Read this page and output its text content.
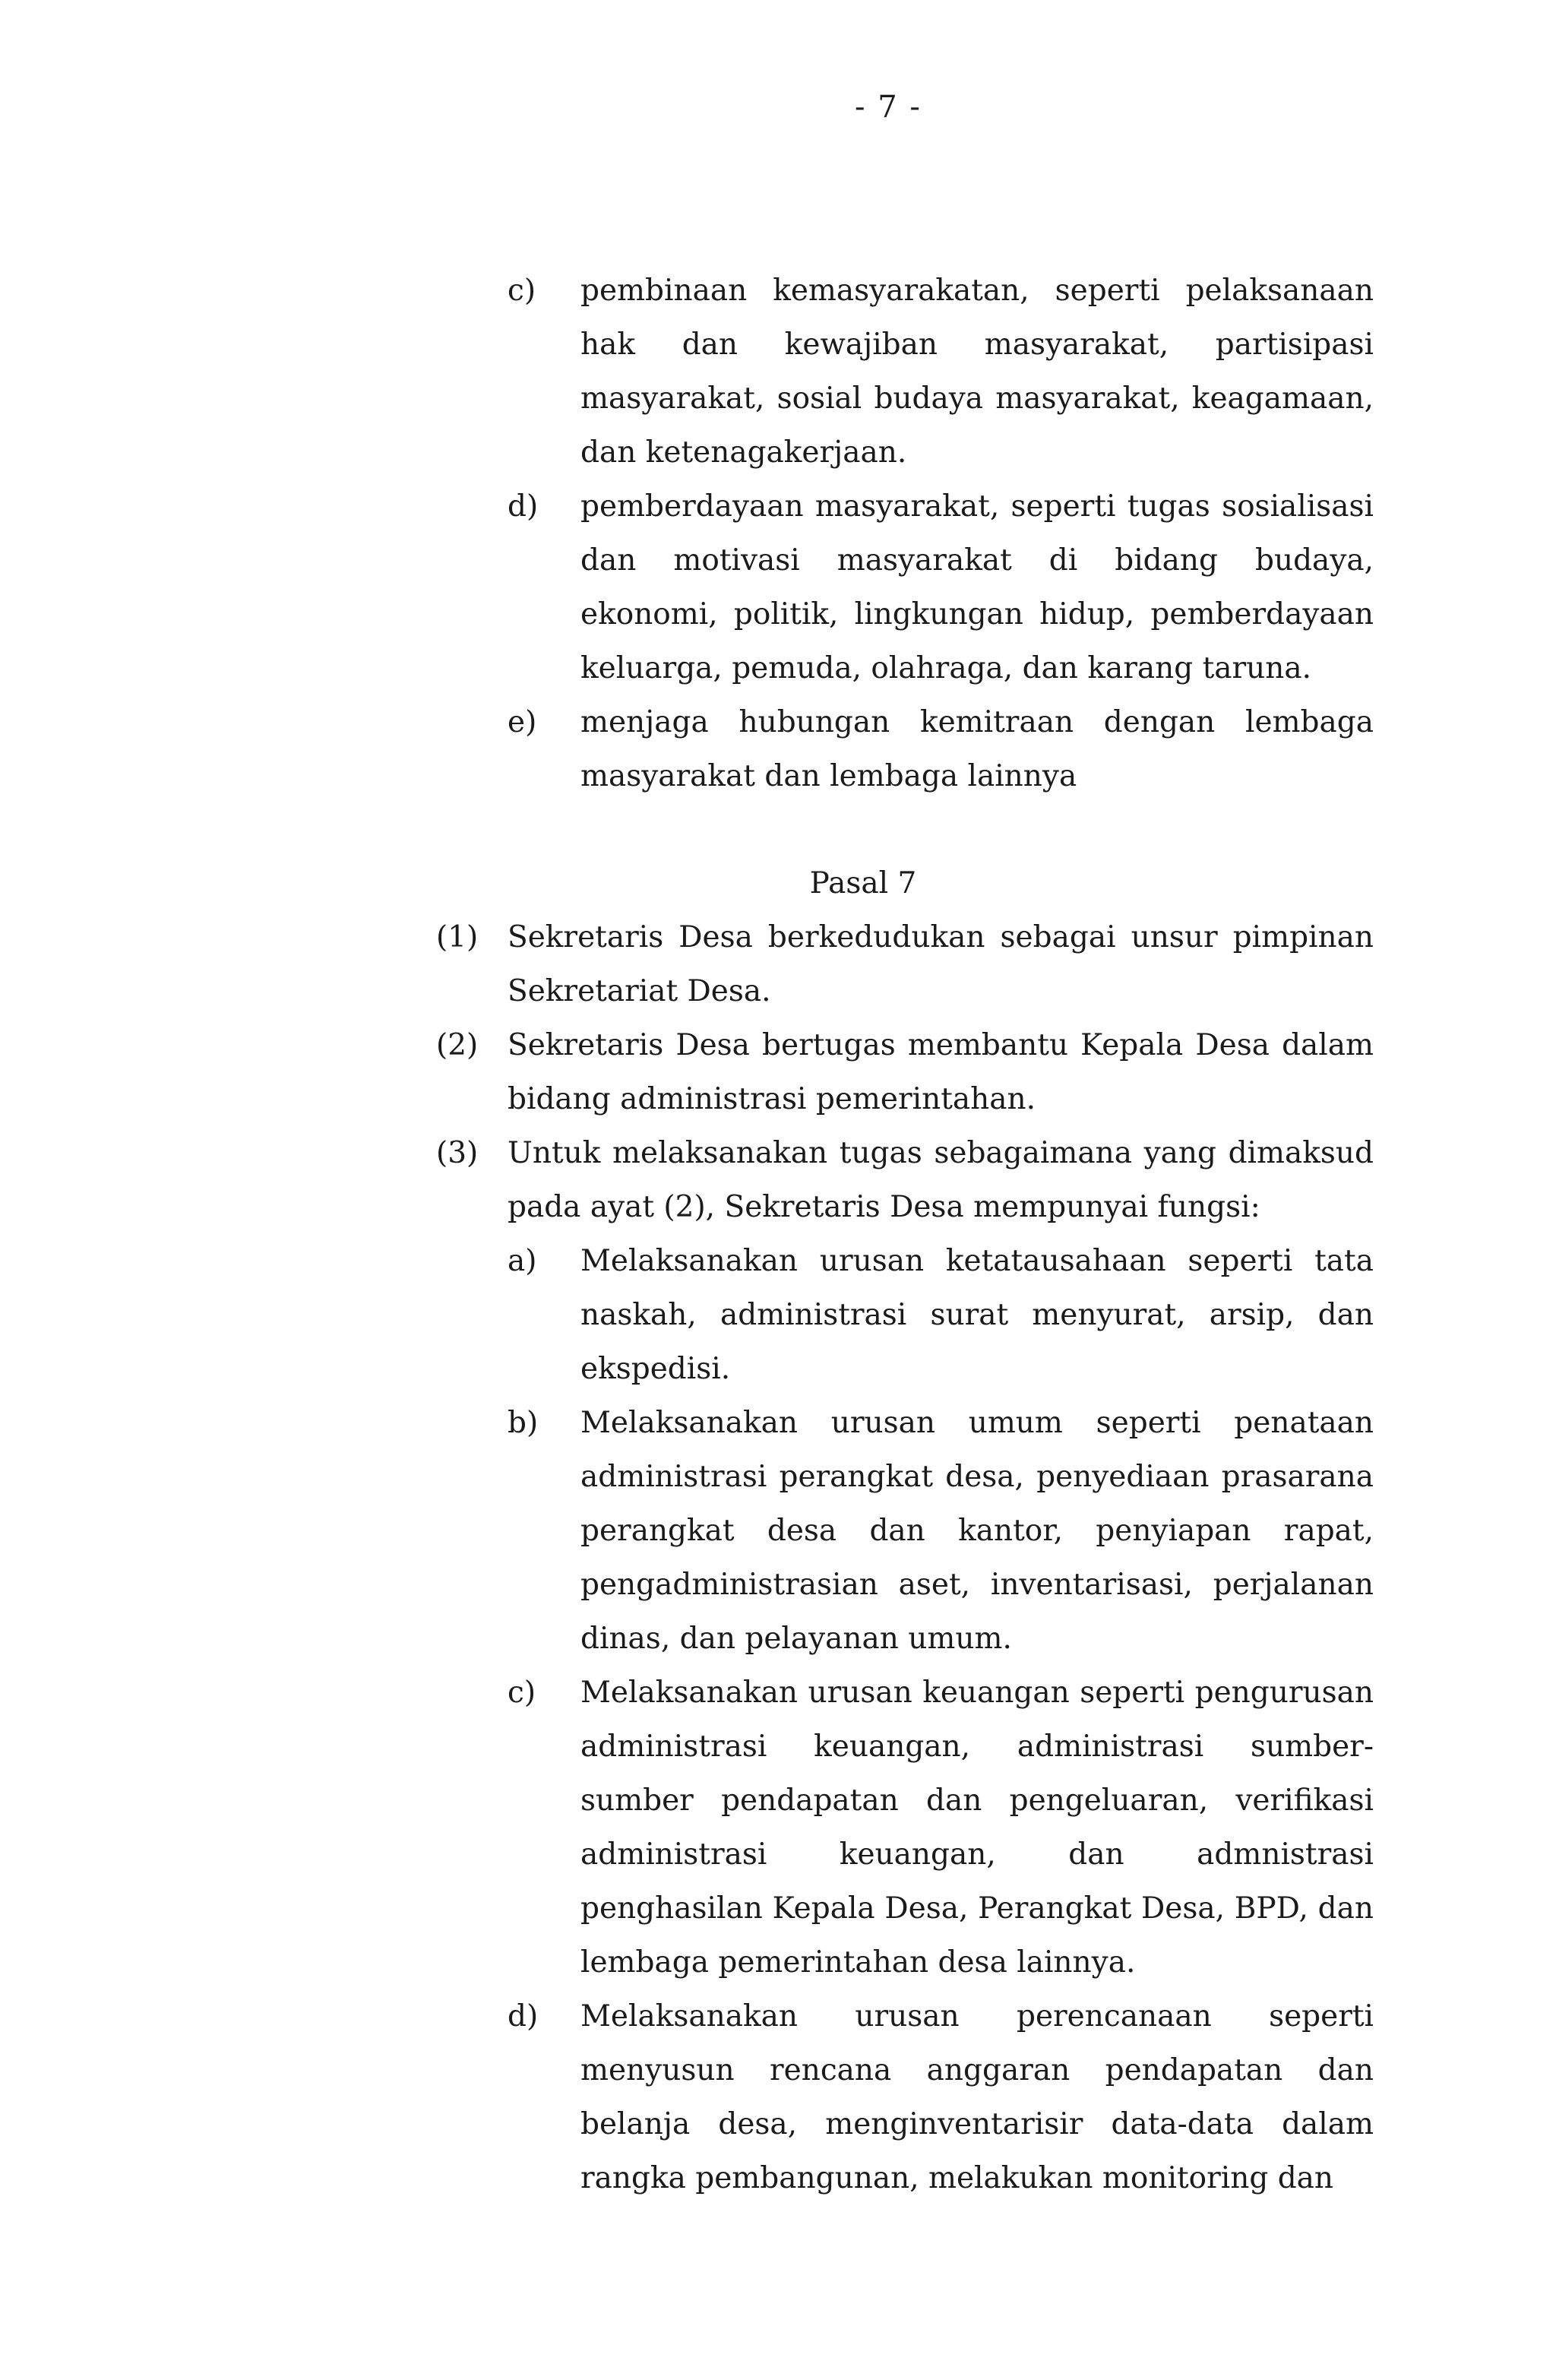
- 7 -
c) pembinaan kemasyarakatan, seperti pelaksanaan
hak dan kewajiban masyarakat, partisipasi
masyarakat, sosial budaya masyarakat, keagamaan,
dan ketenagakerjaan.
d) pemberdayaan masyarakat, seperti tugas sosialisasi
dan motivasi masyarakat di bidang budaya,
ekonomi, politik, lingkungan hidup, pemberdayaan
keluarga, pemuda, olahraga, dan karang taruna.
e) menjaga hubungan kemitraan dengan lembaga
masyarakat dan lembaga lainnya
Pasal 7
(1) Sekretaris Desa berkedudukan sebagai unsur pimpinan
Sekretariat Desa.
(2) Sekretaris Desa bertugas membantu Kepala Desa dalam
bidang administrasi pemerintahan.
(3) Untuk melaksanakan tugas sebagaimana yang dimaksud
pada ayat (2), Sekretaris Desa mempunyai fungsi:
a) Melaksanakan urusan ketatausahaan seperti tata
naskah, administrasi surat menyurat, arsip, dan
ekspedisi.
b) Melaksanakan urusan umum seperti penataan
administrasi perangkat desa, penyediaan prasarana
perangkat desa dan kantor, penyiapan rapat,
pengadministrasian aset, inventarisasi, perjalanan
dinas, dan pelayanan umum.
c) Melaksanakan urusan keuangan seperti pengurusan
administrasi keuangan, administrasi sumber-
sumber pendapatan dan pengeluaran, verifikasi
administrasi keuangan, dan admnistrasi
penghasilan Kepala Desa, Perangkat Desa, BPD, dan
lembaga pemerintahan desa lainnya.
d) Melaksanakan urusan perencanaan seperti
menyusun rencana anggaran pendapatan dan
belanja desa, menginventarisir data-data dalam
rangka pembangunan, melakukan monitoring dan
